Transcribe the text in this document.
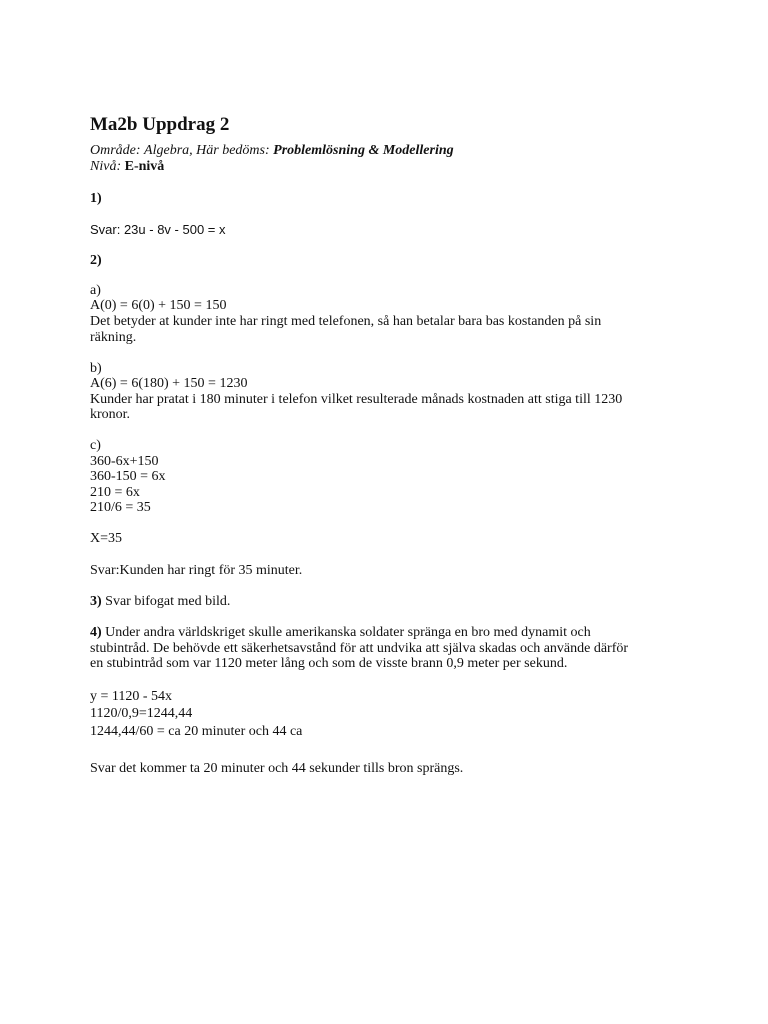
Ma2b Uppdrag 2
Område: Algebra, Här bedöms: Problemlösning & Modellering
Nivå: E-nivå
1)
Svar: 23u - 8v - 500 = x
2)
a)
A(0) = 6(0) + 150 = 150
Det betyder at kunder inte har ringt med telefonen, så han betalar bara bas kostanden på sin
räkning.
b)
A(6) = 6(180) + 150 = 1230
Kunder har pratat i 180 minuter i telefon vilket resulterade månads kostnaden att stiga till 1230
kronor.
c)
360-6x+150
360-150 = 6x
210 = 6x
210/6 = 35
X=35
Svar:Kunden har ringt för 35 minuter.
3) Svar bifogat med bild.
4) Under andra världskriget skulle amerikanska soldater spränga en bro med dynamit och
stubintråd. De behövde ett säkerhetsavstånd för att undvika att själva skadas och använde därför
en stubintråd som var 1120 meter lång och som de visste brann 0,9 meter per sekund.
y = 1120 - 54x
1120/0,9=1244,44
1244,44/60 = ca 20 minuter och 44 ca
Svar det kommer ta 20 minuter och 44 sekunder tills bron sprängs.
